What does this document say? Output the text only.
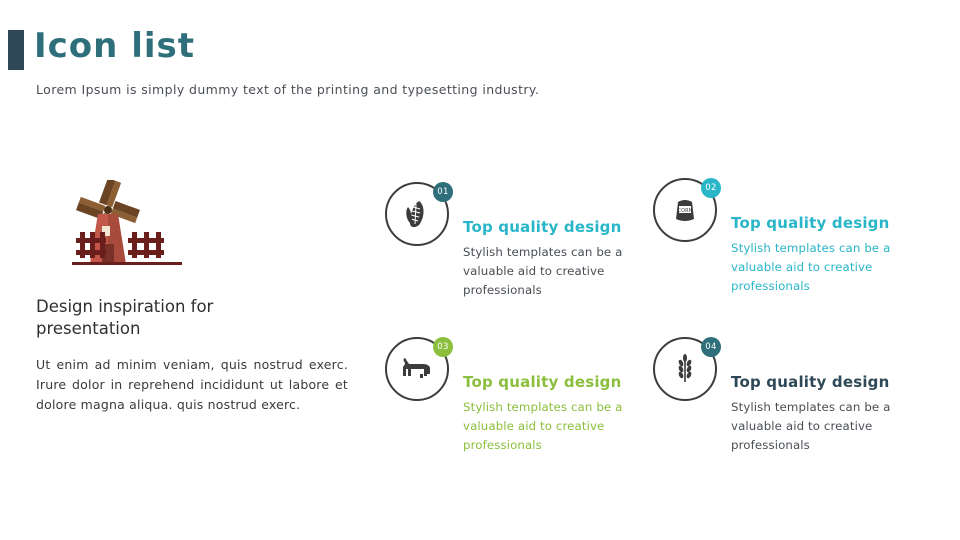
Icon list
Lorem Ipsum is simply dummy text of the printing and typesetting industry.
Design inspiration for presentation
Ut enim ad minim veniam, quis nostrud exerc. Irure dolor in reprehend incididunt ut labore et dolore magna aliqua. quis nostrud exerc.
01
Top quality design
Stylish templates can be a valuable aid to creative professionals
CORN
02
Top quality design
Stylish templates can be a valuable aid to creative professionals
03
Top quality design
Stylish templates can be a valuable aid to creative professionals
04
Top quality design
Stylish templates can be a valuable aid to creative professionals
